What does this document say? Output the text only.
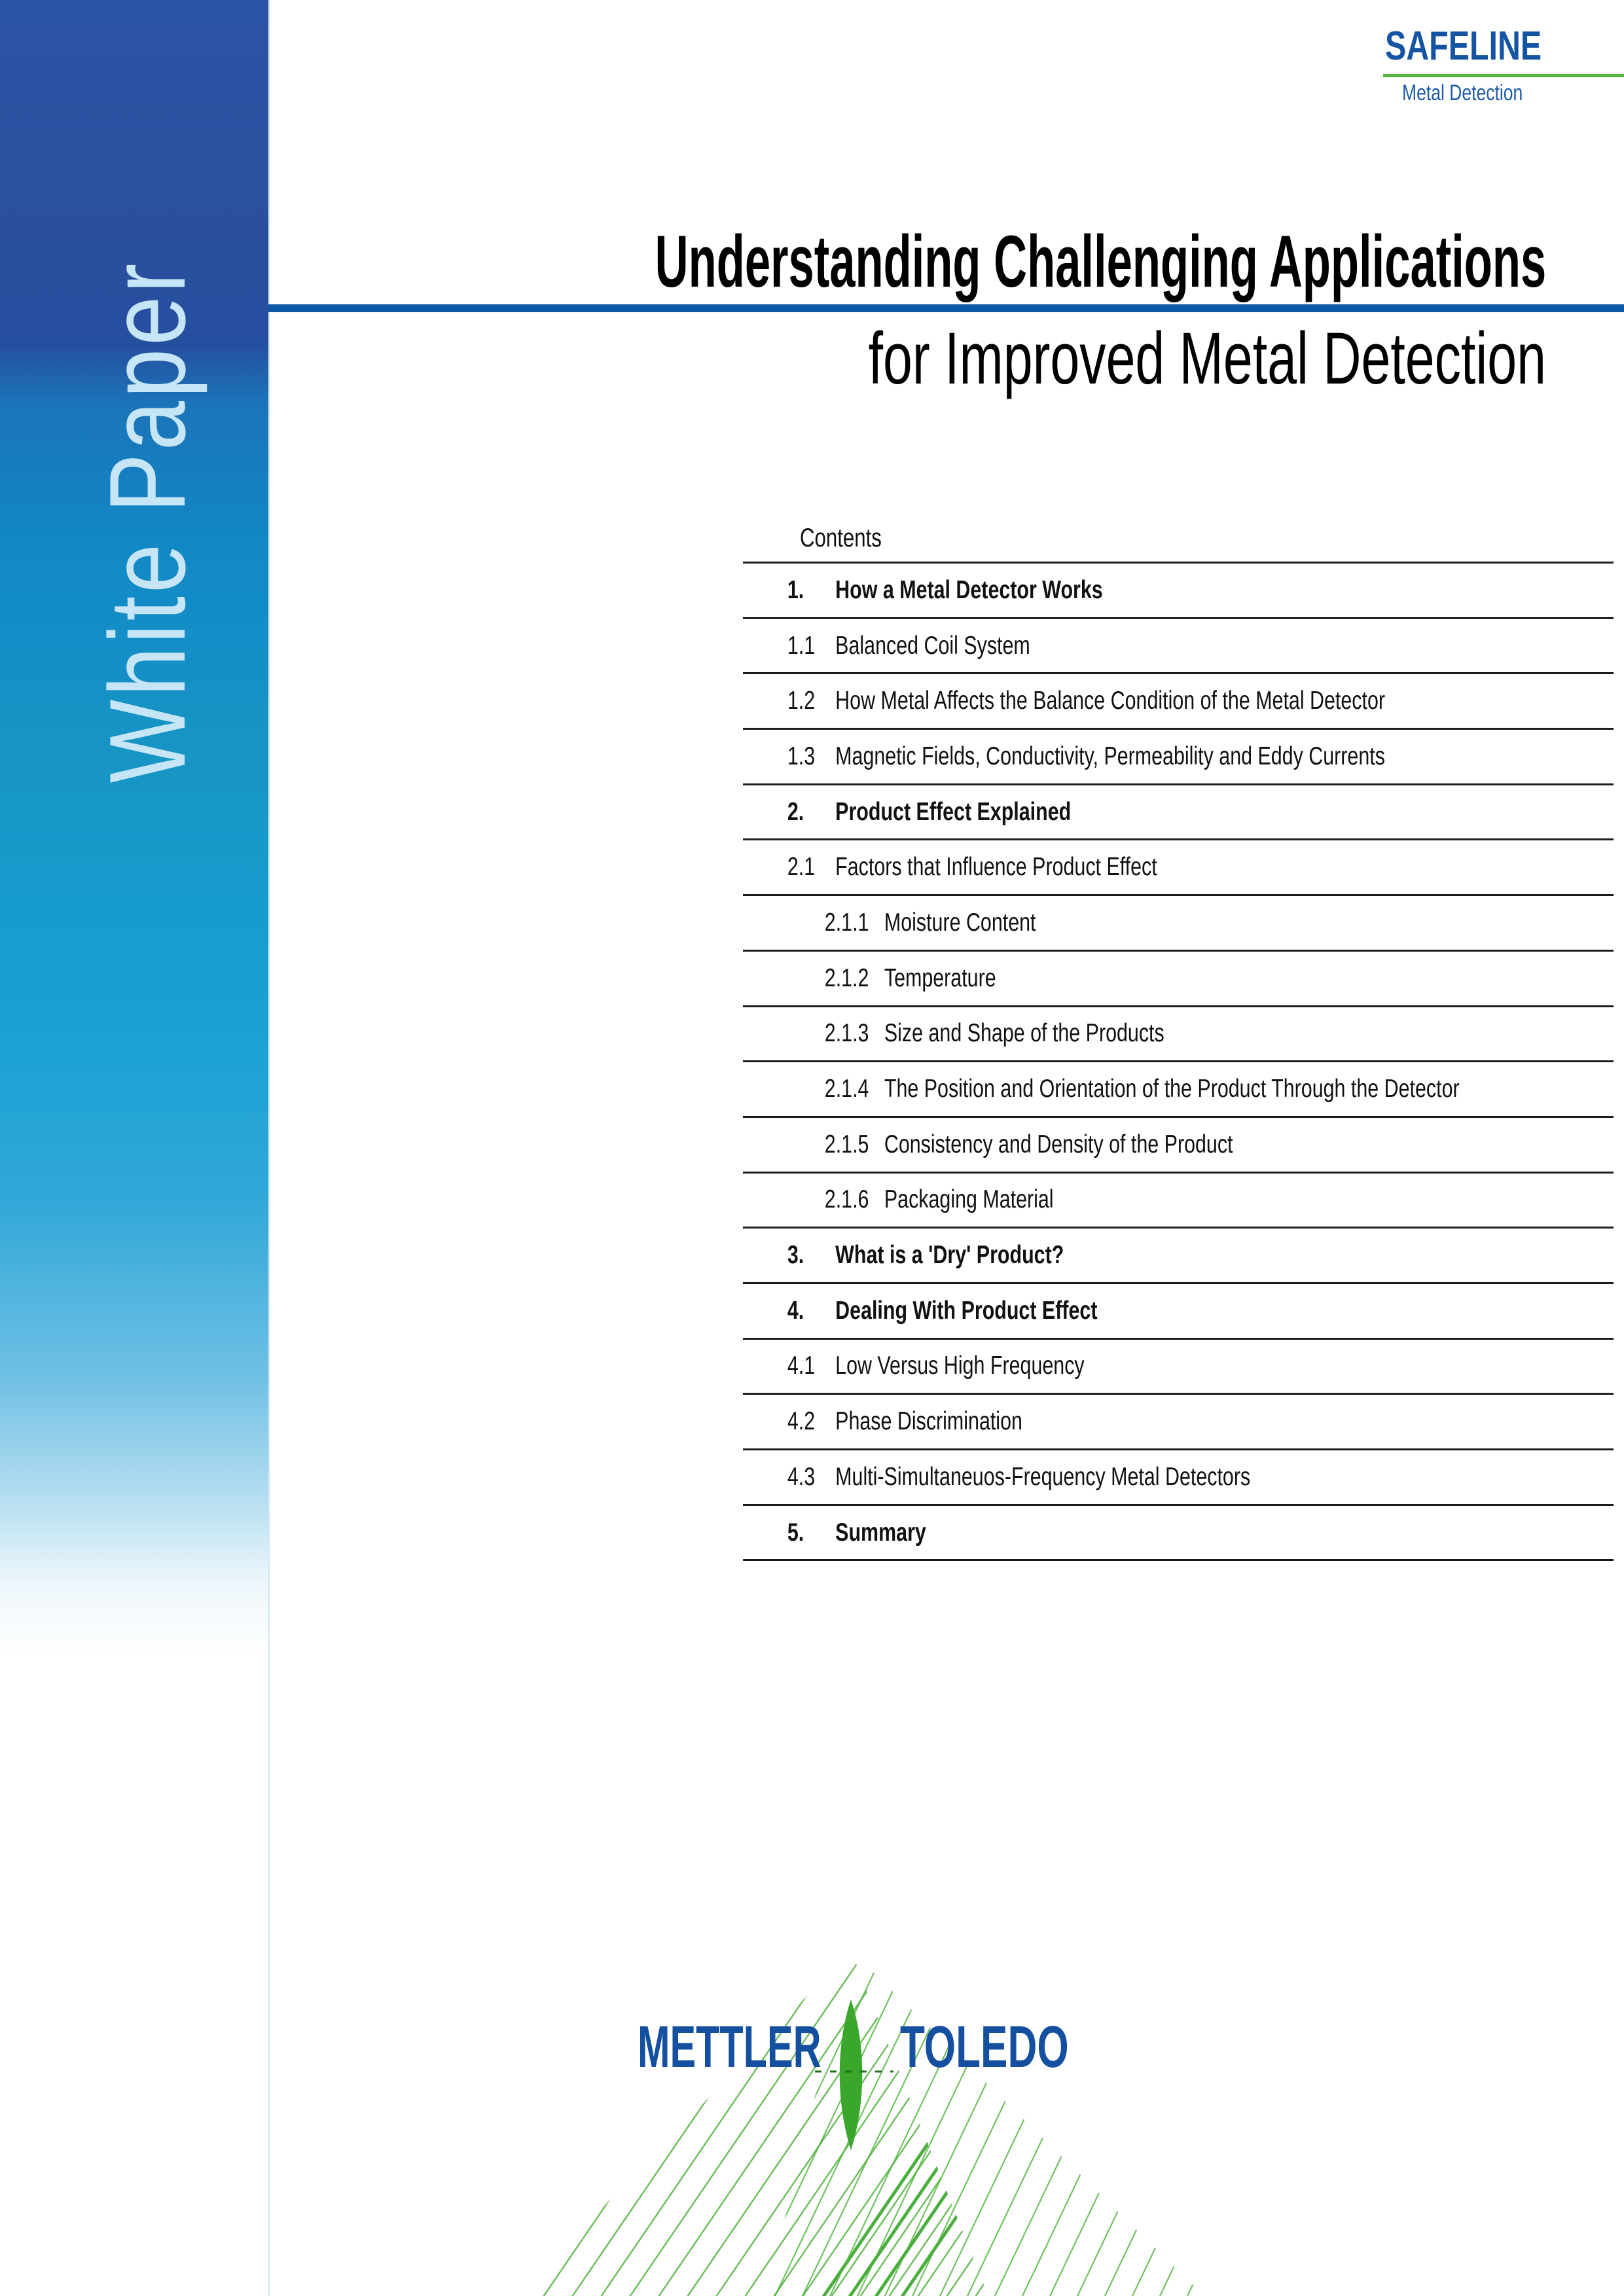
White Paper
SAFELINE
Metal Detection
Understanding Challenging Applications
for Improved Metal Detection
Contents
1. How a Metal Detector Works
1.1 Balanced Coil System
1.2 How Metal Affects the Balance Condition of the Metal Detector
1.3 Magnetic Fields, Conductivity, Permeability and Eddy Currents
2. Product Effect Explained
2.1 Factors that Influence Product Effect
2.1.1 Moisture Content
2.1.2 Temperature
2.1.3 Size and Shape of the Products
2.1.4 The Position and Orientation of the Product Through the Detector
2.1.5 Consistency and Density of the Product
2.1.6 Packaging Material
3. What is a 'Dry' Product?
4. Dealing With Product Effect
4.1 Low Versus High Frequency
4.2 Phase Discrimination
4.3 Multi-Simultaneuos-Frequency Metal Detectors
5. Summary
METTLER	TOLEDO
